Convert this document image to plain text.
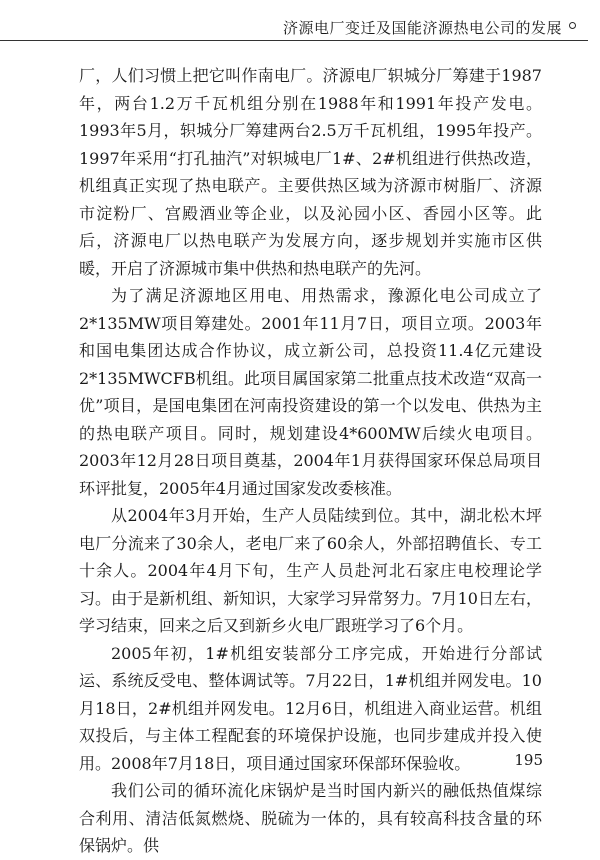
济源电厂变迁及国能济源热电公司的发展

厂，人们习惯上把它叫作南电厂。济源电厂轵城分厂筹建于1987年，两台1.2万千瓦机组分别在1988年和1991年投产发电。1993年5月，轵城分厂筹建两台2.5万千瓦机组，1995年投产。1997年采用“打孔抽汽”对轵城电厂1#、2#机组进行供热改造，机组真正实现了热电联产。主要供热区域为济源市树脂厂、济源市淀粉厂、宫殿酒业等企业，以及沁园小区、香园小区等。此后，济源电厂以热电联产为发展方向，逐步规划并实施市区供暖，开启了济源城市集中供热和热电联产的先河。

为了满足济源地区用电、用热需求，豫源化电公司成立了2*135MW项目筹建处。2001年11月7日，项目立项。2003年和国电集团达成合作协议，成立新公司，总投资11.4亿元建设2*135MWCFB机组。此项目属国家第二批重点技术改造“双高一优”项目，是国电集团在河南投资建设的第一个以发电、供热为主的热电联产项目。同时，规划建设4*600MW后续火电项目。2003年12月28日项目奠基，2004年1月获得国家环保总局项目环评批复，2005年4月通过国家发改委核准。

从2004年3月开始，生产人员陆续到位。其中，湖北松木坪电厂分流来了30余人，老电厂来了60余人，外部招聘值长、专工十余人。2004年4月下旬，生产人员赴河北石家庄电校理论学习。由于是新机组、新知识，大家学习异常努力。7月10日左右，学习结束，回来之后又到新乡火电厂跟班学习了6个月。

2005年初，1#机组安装部分工序完成，开始进行分部试运、系统反受电、整体调试等。7月22日，1#机组并网发电。10月18日，2#机组并网发电。12月6日，机组进入商业运营。机组双投后，与主体工程配套的环境保护设施，也同步建成并投入使用。2008年7月18日，项目通过国家环保部环保验收。

我们公司的循环流化床锅炉是当时国内新兴的融低热值煤综合利用、清洁低氮燃烧、脱硫为一体的，具有较高科技含量的环保锅炉。供

195
